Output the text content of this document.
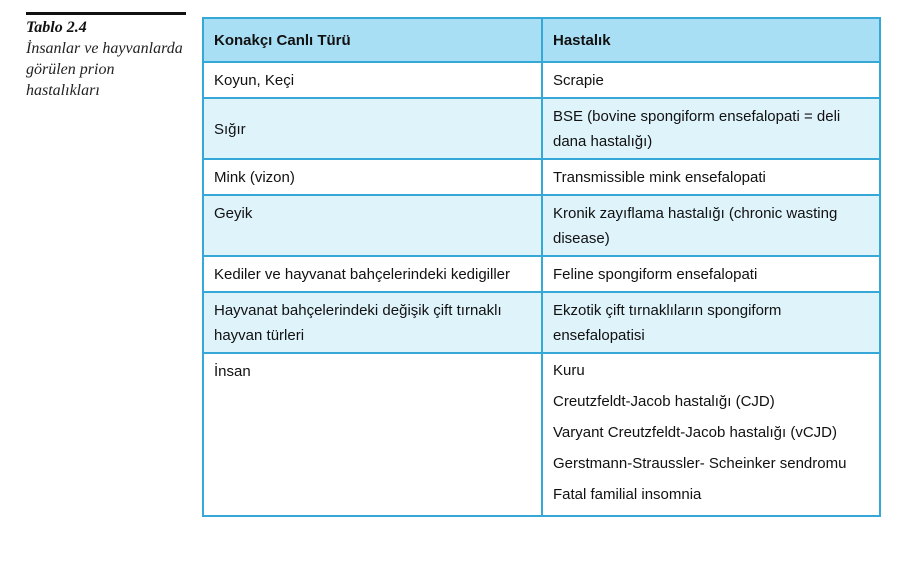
Tablo 2.4
İnsanlar ve hayvanlarda görülen prion hastalıkları
Konakçı Canlı Türü	Hastalık
Koyun, Keçi	Scrapie
Sığır	BSE (bovine spongiform ensefalopati = deli dana hastalığı)
Mink (vizon)	Transmissible mink ensefalopati
Geyik	Kronik zayıflama hastalığı (chronic wasting disease)
Kediler ve hayvanat bahçelerindeki kedigiller	Feline spongiform ensefalopati
Hayvanat bahçelerindeki değişik çift tırnaklı hayvan türleri	Ekzotik çift tırnaklıların spongiform ensefalopatisi
İnsan	Kuru
Creutzfeldt-Jacob hastalığı (CJD)
Varyant Creutzfeldt-Jacob hastalığı (vCJD)
Gerstmann-Straussler- Scheinker sendromu
Fatal familial insomnia
